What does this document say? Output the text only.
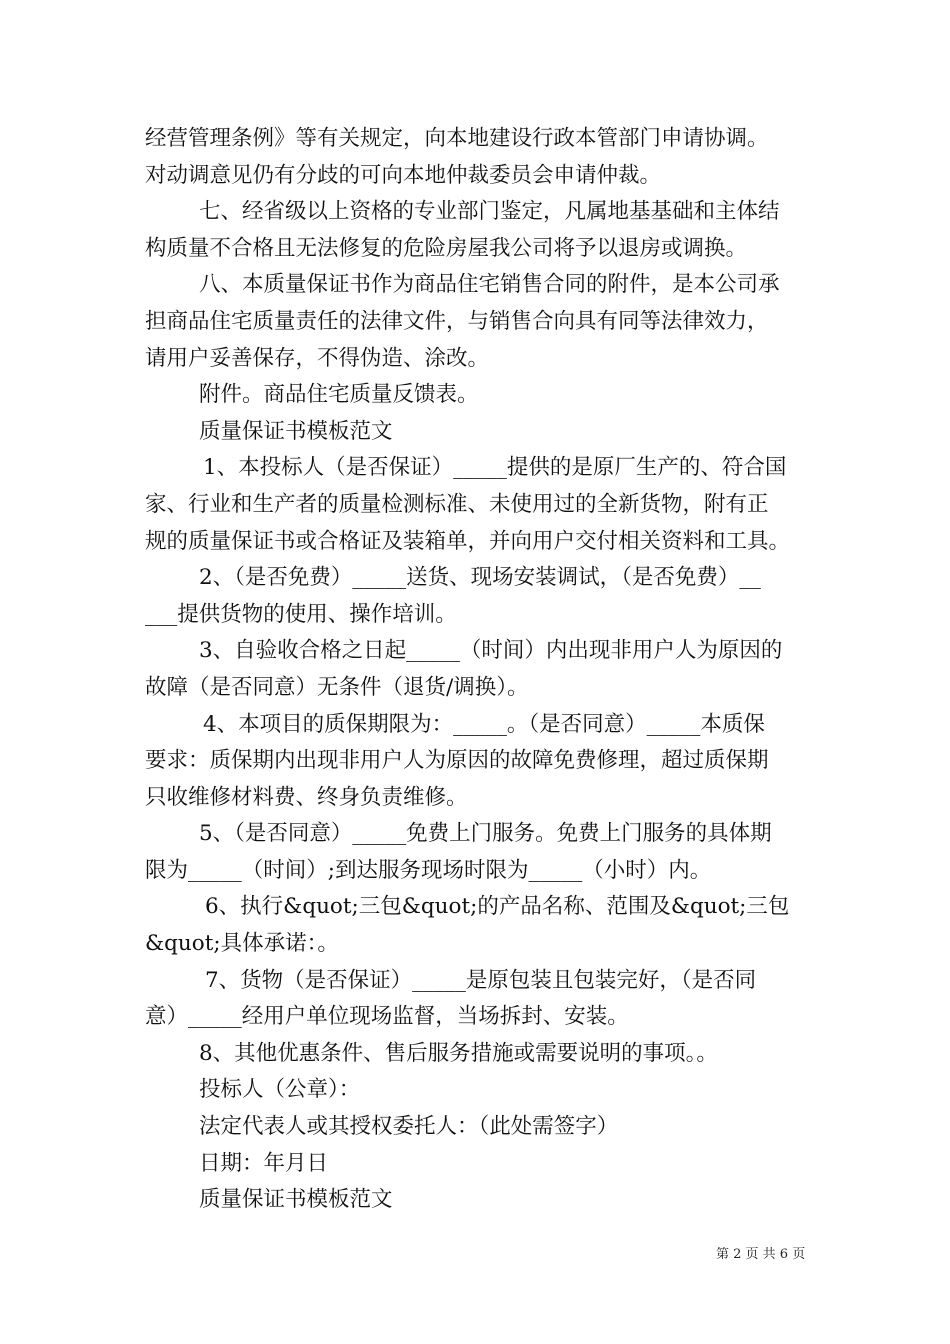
经营管理条例》等有关规定，向本地建设行政本管部门申请协调。
对动调意见仍有分歧的可向本地仲裁委员会申请仲裁。
七、经省级以上资格的专业部门鉴定，凡属地基基础和主体结
构质量不合格且无法修复的危险房屋我公司将予以退房或调换。
八、本质量保证书作为商品住宅销售合同的附件，是本公司承
担商品住宅质量责任的法律文件，与销售合向具有同等法律效力，
请用户妥善保存，不得伪造、涂改。
附件。商品住宅质量反馈表。
质量保证书模板范文
1、本投标人（是否保证）_____提供的是原厂生产的、符合国
家、行业和生产者的质量检测标准、未使用过的全新货物，附有正
规的质量保证书或合格证及装箱单，并向用户交付相关资料和工具。
2、（是否免费）_____送货、现场安装调试，（是否免费）__
___提供货物的使用、操作培训。
3、自验收合格之日起_____（时间）内出现非用户人为原因的
故障（是否同意）无条件（退货/调换）。
4、本项目的质保期限为：_____。（是否同意）_____本质保
要求：质保期内出现非用户人为原因的故障免费修理，超过质保期
只收维修材料费、终身负责维修。
5、（是否同意）_____免费上门服务。免费上门服务的具体期
限为_____（时间）;到达服务现场时限为_____（小时）内。
6、执行&quot;三包&quot;的产品名称、范围及&quot;三包
&quot;具体承诺：。
7、货物（是否保证）_____是原包装且包装完好，（是否同
意）_____经用户单位现场监督，当场拆封、安装。
8、其他优惠条件、售后服务措施或需要说明的事项。。
投标人（公章）：
法定代表人或其授权委托人：（此处需签字）
日期：年月日
质量保证书模板范文
第 2 页 共 6 页
